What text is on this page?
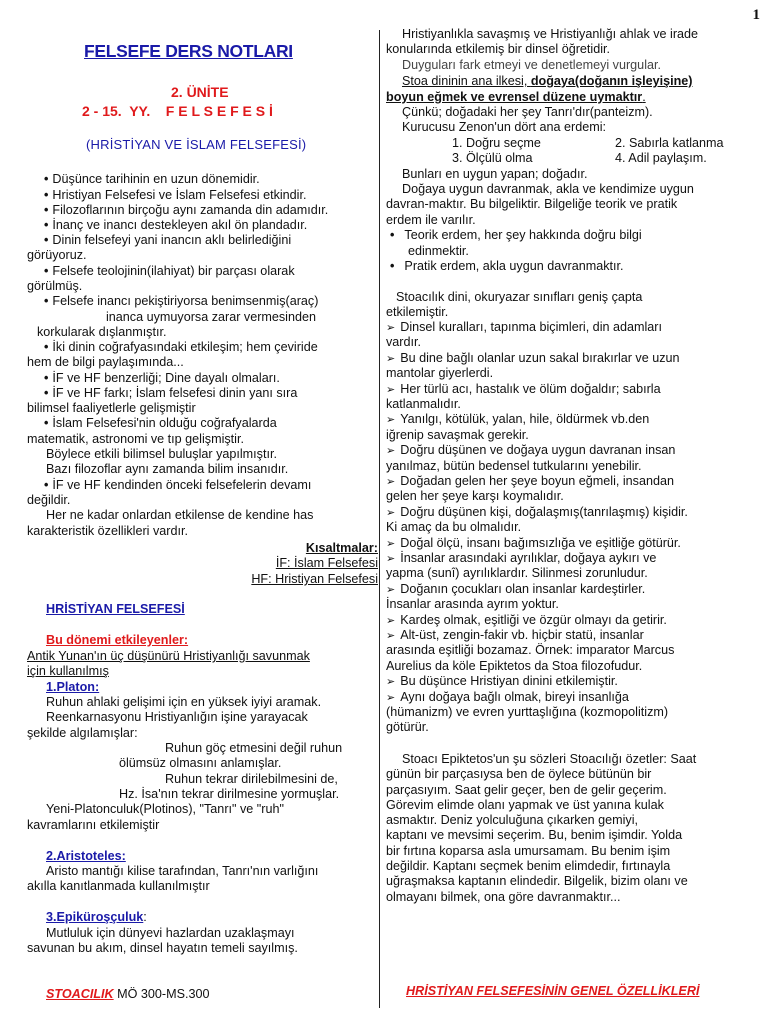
1
FELSEFE DERS NOTLARI
2. ÜNİTE
2 - 15.  YY.    F E L S E F E S İ
(HRİSTİYAN VE İSLAM FELSEFESİ)
• Düşünce tarihinin en uzun dönemidir.
• Hristiyan Felsefesi ve İslam Felsefesi etkindir.
• Filozoflarının birçoğu aynı zamanda din adamıdır.
• İnanç ve inancı destekleyen akıl ön plandadır.
• Dinin felsefeyi yani inancın aklı belirlediğini
görüyoruz.
• Felsefe teolojinin(ilahiyat) bir parçası olarak
görülmüş.
• Felsefe inancı pekiştiriyorsa benimsenmiş(araç)
inanca uymuyorsa zarar vermesinden
korkularak dışlanmıştır.
• İki dinin coğrafyasındaki etkileşim; hem çeviride
hem de bilgi paylaşımında...
• İF ve HF benzerliği; Dine dayalı olmaları.
• İF ve HF farkı; İslam felsefesi dinin yanı sıra
bilimsel faaliyetlerle gelişmiştir
• İslam Felsefesi'nin olduğu coğrafyalarda
matematik, astronomi ve tıp gelişmiştir.
Böylece etkili bilimsel buluşlar yapılmıştır.
Bazı filozoflar aynı zamanda bilim insanıdır.
• İF ve HF kendinden önceki felsefelerin devamı
değildir.
Her ne kadar onlardan etkilense de kendine has
karakteristik özellikleri vardır.
Kısaltmalar:
İF: İslam Felsefesi
HF: Hristiyan Felsefesi
HRİSTİYAN FELSEFESİ
Bu dönemi etkileyenler:
Antik Yunan'ın üç düşünürü Hristiyanlığı savunmak
için kullanılmış
1.Platon:
Ruhun ahlaki gelişimi için en yüksek iyiyi aramak.
Reenkarnasyonu Hristiyanlığın işine yarayacak
şekilde algılamışlar:
Ruhun göç etmesini değil ruhun
ölümsüz olmasını anlamışlar.
Ruhun tekrar dirilebilmesini de,
Hz. İsa'nın tekrar dirilmesine yormuşlar.
Yeni-Platonculuk(Plotinos), "Tanrı" ve "ruh"
kavramlarını etkilemiştir
2.Aristoteles:
Aristo mantığı kilise tarafından, Tanrı'nın varlığını
akılla kanıtlanmada kullanılmıştır
3.Epiküroşçuluk:
Mutluluk için dünyevi hazlardan uzaklaşmayı
savunan bu akım, dinsel hayatın temeli sayılmış.
STOACILIK MÖ 300-MS.300
Hristiyanlıkla savaşmış ve Hristiyanlığı ahlak ve irade
konularında etkilemiş bir dinsel öğretidir.
Duyguları fark etmeyi ve denetlemeyi vurgular.
Stoa dininin ana ilkesi, doğaya(doğanın işleyişine)
boyun eğmek ve evrensel düzene uymaktır.
Çünkü; doğadaki her şey Tanrı'dır(panteizm).
Kurucusu Zenon'un dört ana erdemi:
1. Doğru seçme	2. Sabırla katlanma
3. Ölçülü olma	4. Adil paylaşım.
Bunları en uygun yapan; doğadır.
Doğaya uygun davranmak, akla ve kendimize uygun
davran-maktır. Bu bilgeliktir. Bilgeliğe teorik ve pratik
erdem ile varılır.
• Teorik erdem, her şey hakkında doğru bilgi
edinmektir.
• Pratik erdem, akla uygun davranmaktır.
Stoacılık dini, okuryazar sınıfları geniş çapta
etkilemiştir.
➢ Dinsel kuralları, tapınma biçimleri, din adamları
vardır.
➢ Bu dine bağlı olanlar uzun sakal bırakırlar ve uzun
mantolar giyerlerdi.
➢ Her türlü acı, hastalık ve ölüm doğaldır; sabırla
katlanmalıdır.
➢ Yanılgı, kötülük, yalan, hile, öldürmek vb.den
iğrenip savaşmak gerekir.
➢ Doğru düşünen ve doğaya uygun davranan insan
yanılmaz, bütün bedensel tutkularını yenebilir.
➢ Doğadan gelen her şeye boyun eğmeli, insandan
gelen her şeye karşı koymalıdır.
➢ Doğru düşünen kişi, doğalaşmış(tanrılaşmış) kişidir.
Ki amaç da bu olmalıdır.
➢ Doğal ölçü, insanı bağımsızlığa ve eşitliğe götürür.
➢ İnsanlar arasındaki ayrılıklar, doğaya aykırı ve
yapma (sunî) ayrılıklardır. Silinmesi zorunludur.
➢ Doğanın çocukları olan insanlar kardeştirler.
İnsanlar arasında ayrım yoktur.
➢ Kardeş olmak, eşitliği ve özgür olmayı da getirir.
➢ Alt-üst, zengin-fakir vb. hiçbir statü, insanlar
arasında eşitliği bozamaz. Örnek: imparator Marcus
Aurelius da köle Epiktetos da Stoa filozofudur.
➢ Bu düşünce Hristiyan dinini etkilemiştir.
➢ Aynı doğaya bağlı olmak, bireyi insanlığa
(hümanizm) ve evren yurttaşlığına (kozmopolitizm)
götürür.
Stoacı Epiktetos'un şu sözleri Stoacılığı özetler: Saat
günün bir parçasıysa ben de öylece bütünün bir
parçasıyım. Saat gelir geçer, ben de gelir geçerim.
Görevim elimde olanı yapmak ve üst yanına kulak
asmaktır. Deniz yolculuğuna çıkarken gemiyi,
kaptanı ve mevsimi seçerim. Bu, benim işimdir. Yolda
bir fırtına koparsa asla umursamam. Bu benim işim
değildir. Kaptanı seçmek benim elimdedir, fırtınayla
uğraşmaksa kaptanın elindedir. Bilgelik, bizim olanı ve
olmayanı bilmek, ona göre davranmaktır...
HRİSTİYAN FELSEFESİNİN GENEL ÖZELLİKLERİ
